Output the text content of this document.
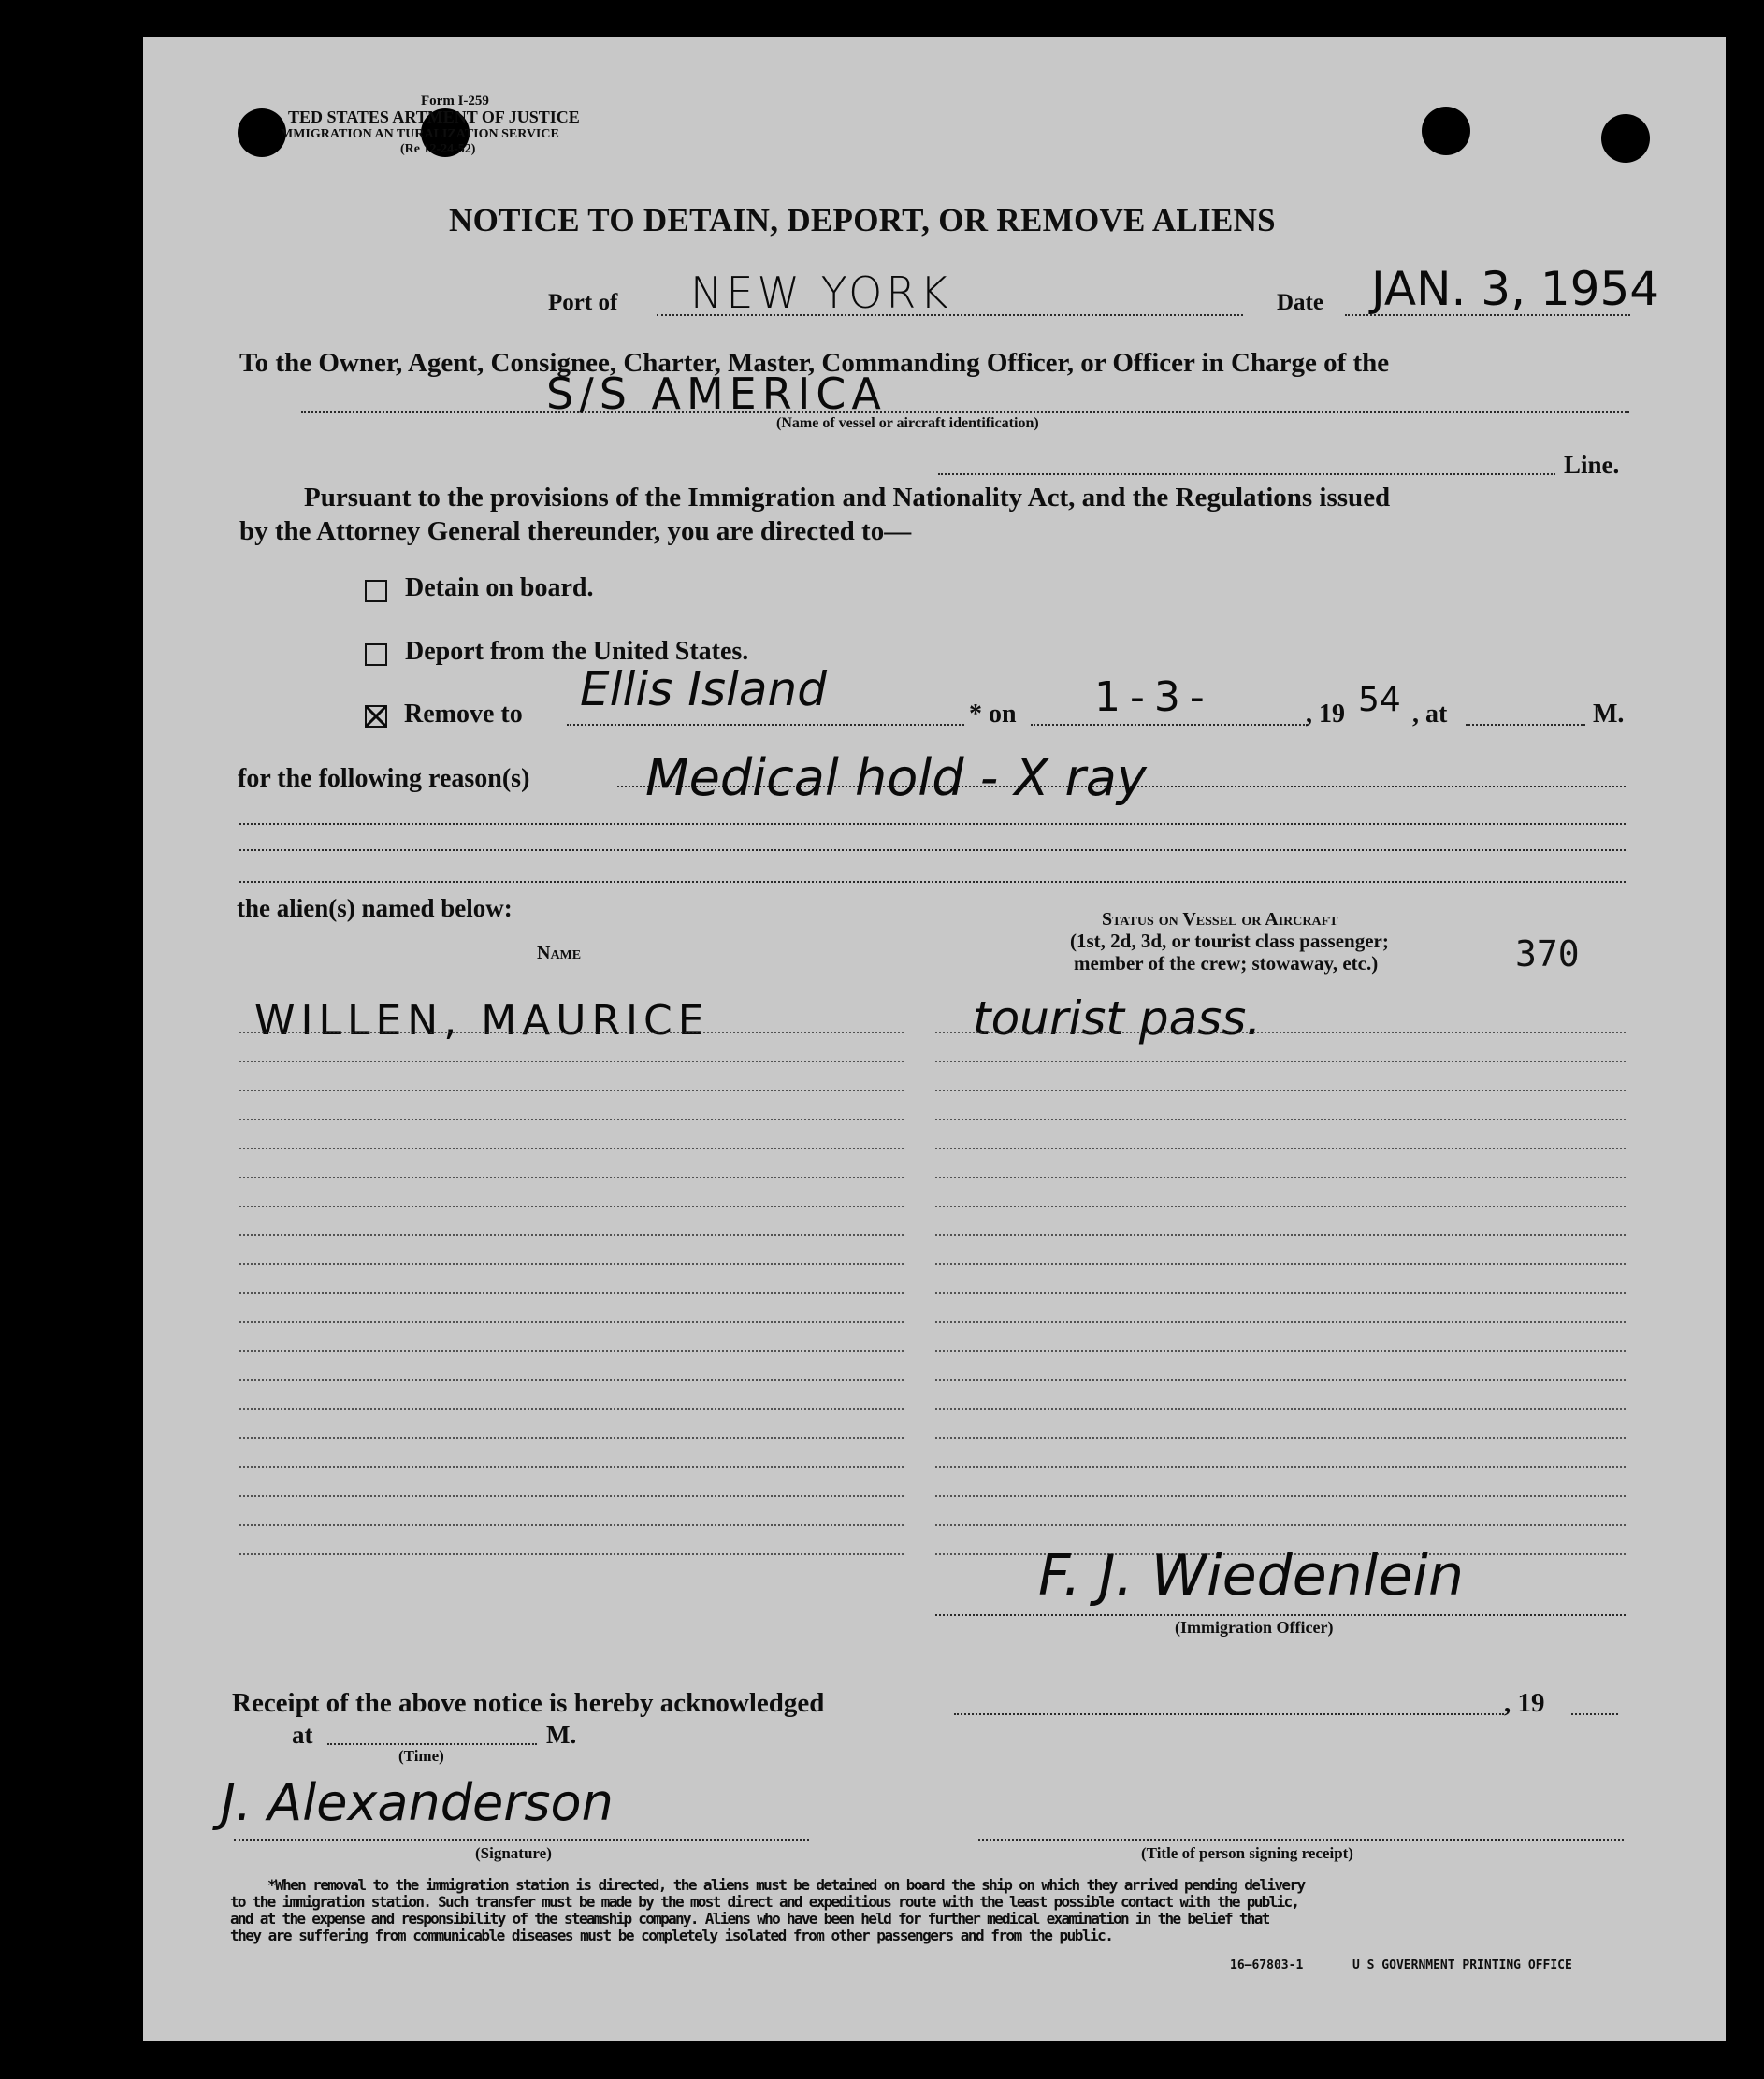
Form I-259
TED STATES ARTMENT OF JUSTICE
MMIGRATION AN TURALIZATION SERVICE
(Re 12-24-52)
NOTICE TO DETAIN, DEPORT, OR REMOVE ALIENS
Port of NEW YORK	Date JAN. 3, 1954
To the Owner, Agent, Consignee, Charter, Master, Commanding Officer, or Officer in Charge of the
S/S AMERICA
(Name of vessel or aircraft identification)
Line.
Pursuant to the provisions of the Immigration and Nationality Act, and the Regulations issued
by the Attorney General thereunder, you are directed to—
Detain on board.
Deport from the United States.
Remove to Ellis Island	* on 1-3-	, 19 54 , at	M.
for the following reason(s) Medical hold - X ray
the alien(s) named below:	Status on Vessel or Aircraft
(1st, 2d, 3d, or tourist class passenger;
member of the crew; stowaway, etc.)
Name	370
WILLEN, MAURICE	tourist pass.
F. J. Wiedenlein
(Immigration Officer)
Receipt of the above notice is hereby acknowledged	, 19
at	M.
(Time)
J. Alexanderson
(Signature)	(Title of person signing receipt)
*When removal to the immigration station is directed, the aliens must be detained on board the ship on which they arrived pending delivery
to the immigration station. Such transfer must be made by the most direct and expeditious route with the least possible contact with the public,
and at the expense and responsibility of the steamship company. Aliens who have been held for further medical examination in the belief that
they are suffering from communicable diseases must be completely isolated from other passengers and from the public.
16—67803-1	U S GOVERNMENT PRINTING OFFICE
